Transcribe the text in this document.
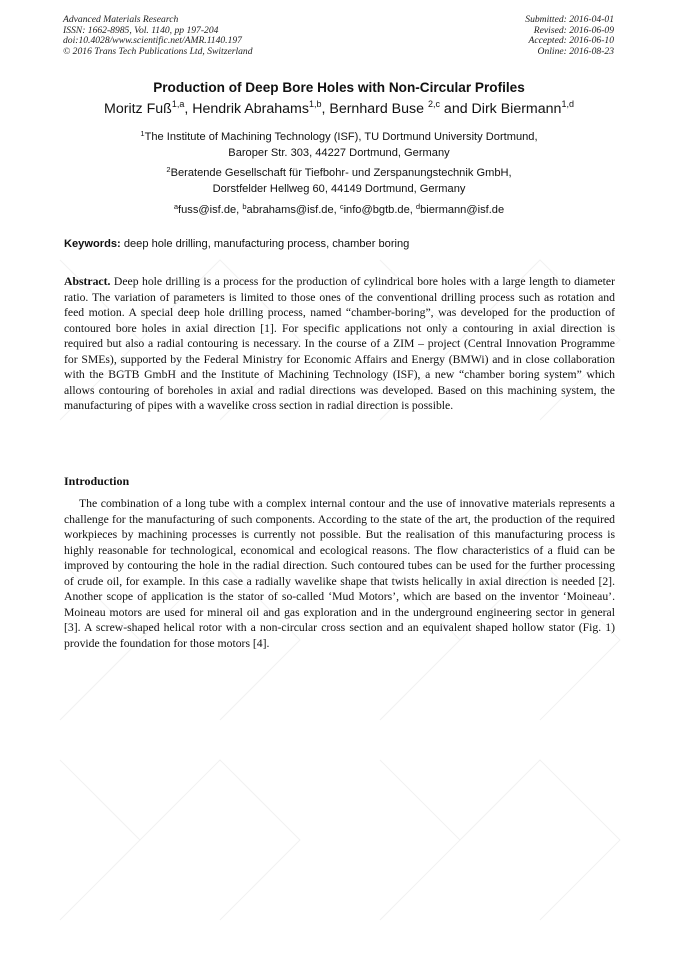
Advanced Materials Research
ISSN: 1662-8985, Vol. 1140, pp 197-204
doi:10.4028/www.scientific.net/AMR.1140.197
© 2016 Trans Tech Publications Ltd, Switzerland
Submitted: 2016-04-01
Revised: 2016-06-09
Accepted: 2016-06-10
Online: 2016-08-23
Production of Deep Bore Holes with Non-Circular Profiles
Moritz Fuß$^{1,a}$, Hendrik Abrahams$^{1,b}$, Bernhard Buse $^{2,c}$ and Dirk Biermann$^{1,d}$
$^1$The Institute of Machining Technology (ISF), TU Dortmund University Dortmund,
Baroper Str. 303, 44227 Dortmund, Germany
$^2$Beratende Gesellschaft für Tiefbohr- und Zerspanungstechnik GmbH,
Dorstfelder Hellweg 60, 44149 Dortmund, Germany
$^a$fuss@isf.de, $^b$abrahams@isf.de, $^c$info@bgtb.de, $^d$biermann@isf.de
Keywords: deep hole drilling, manufacturing process, chamber boring

Abstract. Deep hole drilling is a process for the production of cylindrical bore holes with a large length to diameter ratio. The variation of parameters is limited to those ones of the conventional drilling process such as rotation and feed motion. A special deep hole drilling process, named “chamber-boring”, was developed for the production of contoured bore holes in axial direction [1]. For specific applications not only a contouring in axial direction is required but also a radial contouring is necessary. In the course of a ZIM – project (Central Innovation Programme for SMEs), supported by the Federal Ministry for Economic Affairs and Energy (BMWi) and in close collaboration with the BGTB GmbH and the Institute of Machining Technology (ISF), a new “chamber boring system” which allows contouring of boreholes in axial and radial directions was developed. Based on this machining system, the manufacturing of pipes with a wavelike cross section in radial direction is possible.

Introduction

The combination of a long tube with a complex internal contour and the use of innovative materials represents a challenge for the manufacturing of such components. According to the state of the art, the production of the required workpieces by machining processes is currently not possible. But the realisation of this manufacturing process is highly reasonable for technological, economical and ecological reasons. The flow characteristics of a fluid can be improved by contouring the hole in the radial direction. Such contoured tubes can be used for the further processing of crude oil, for example. In this case a radially wavelike shape that twists helically in axial direction is needed [2]. Another scope of application is the stator of so-called ‘Mud Motors’, which are based on the inventor ‘Moineau’. Moineau motors are used for mineral oil and gas exploration and in the underground engineering sector in general [3]. A screw-shaped helical rotor with a non-circular cross section and an equivalent shaped hollow stator (Fig. 1) provide the foundation for those motors [4].
